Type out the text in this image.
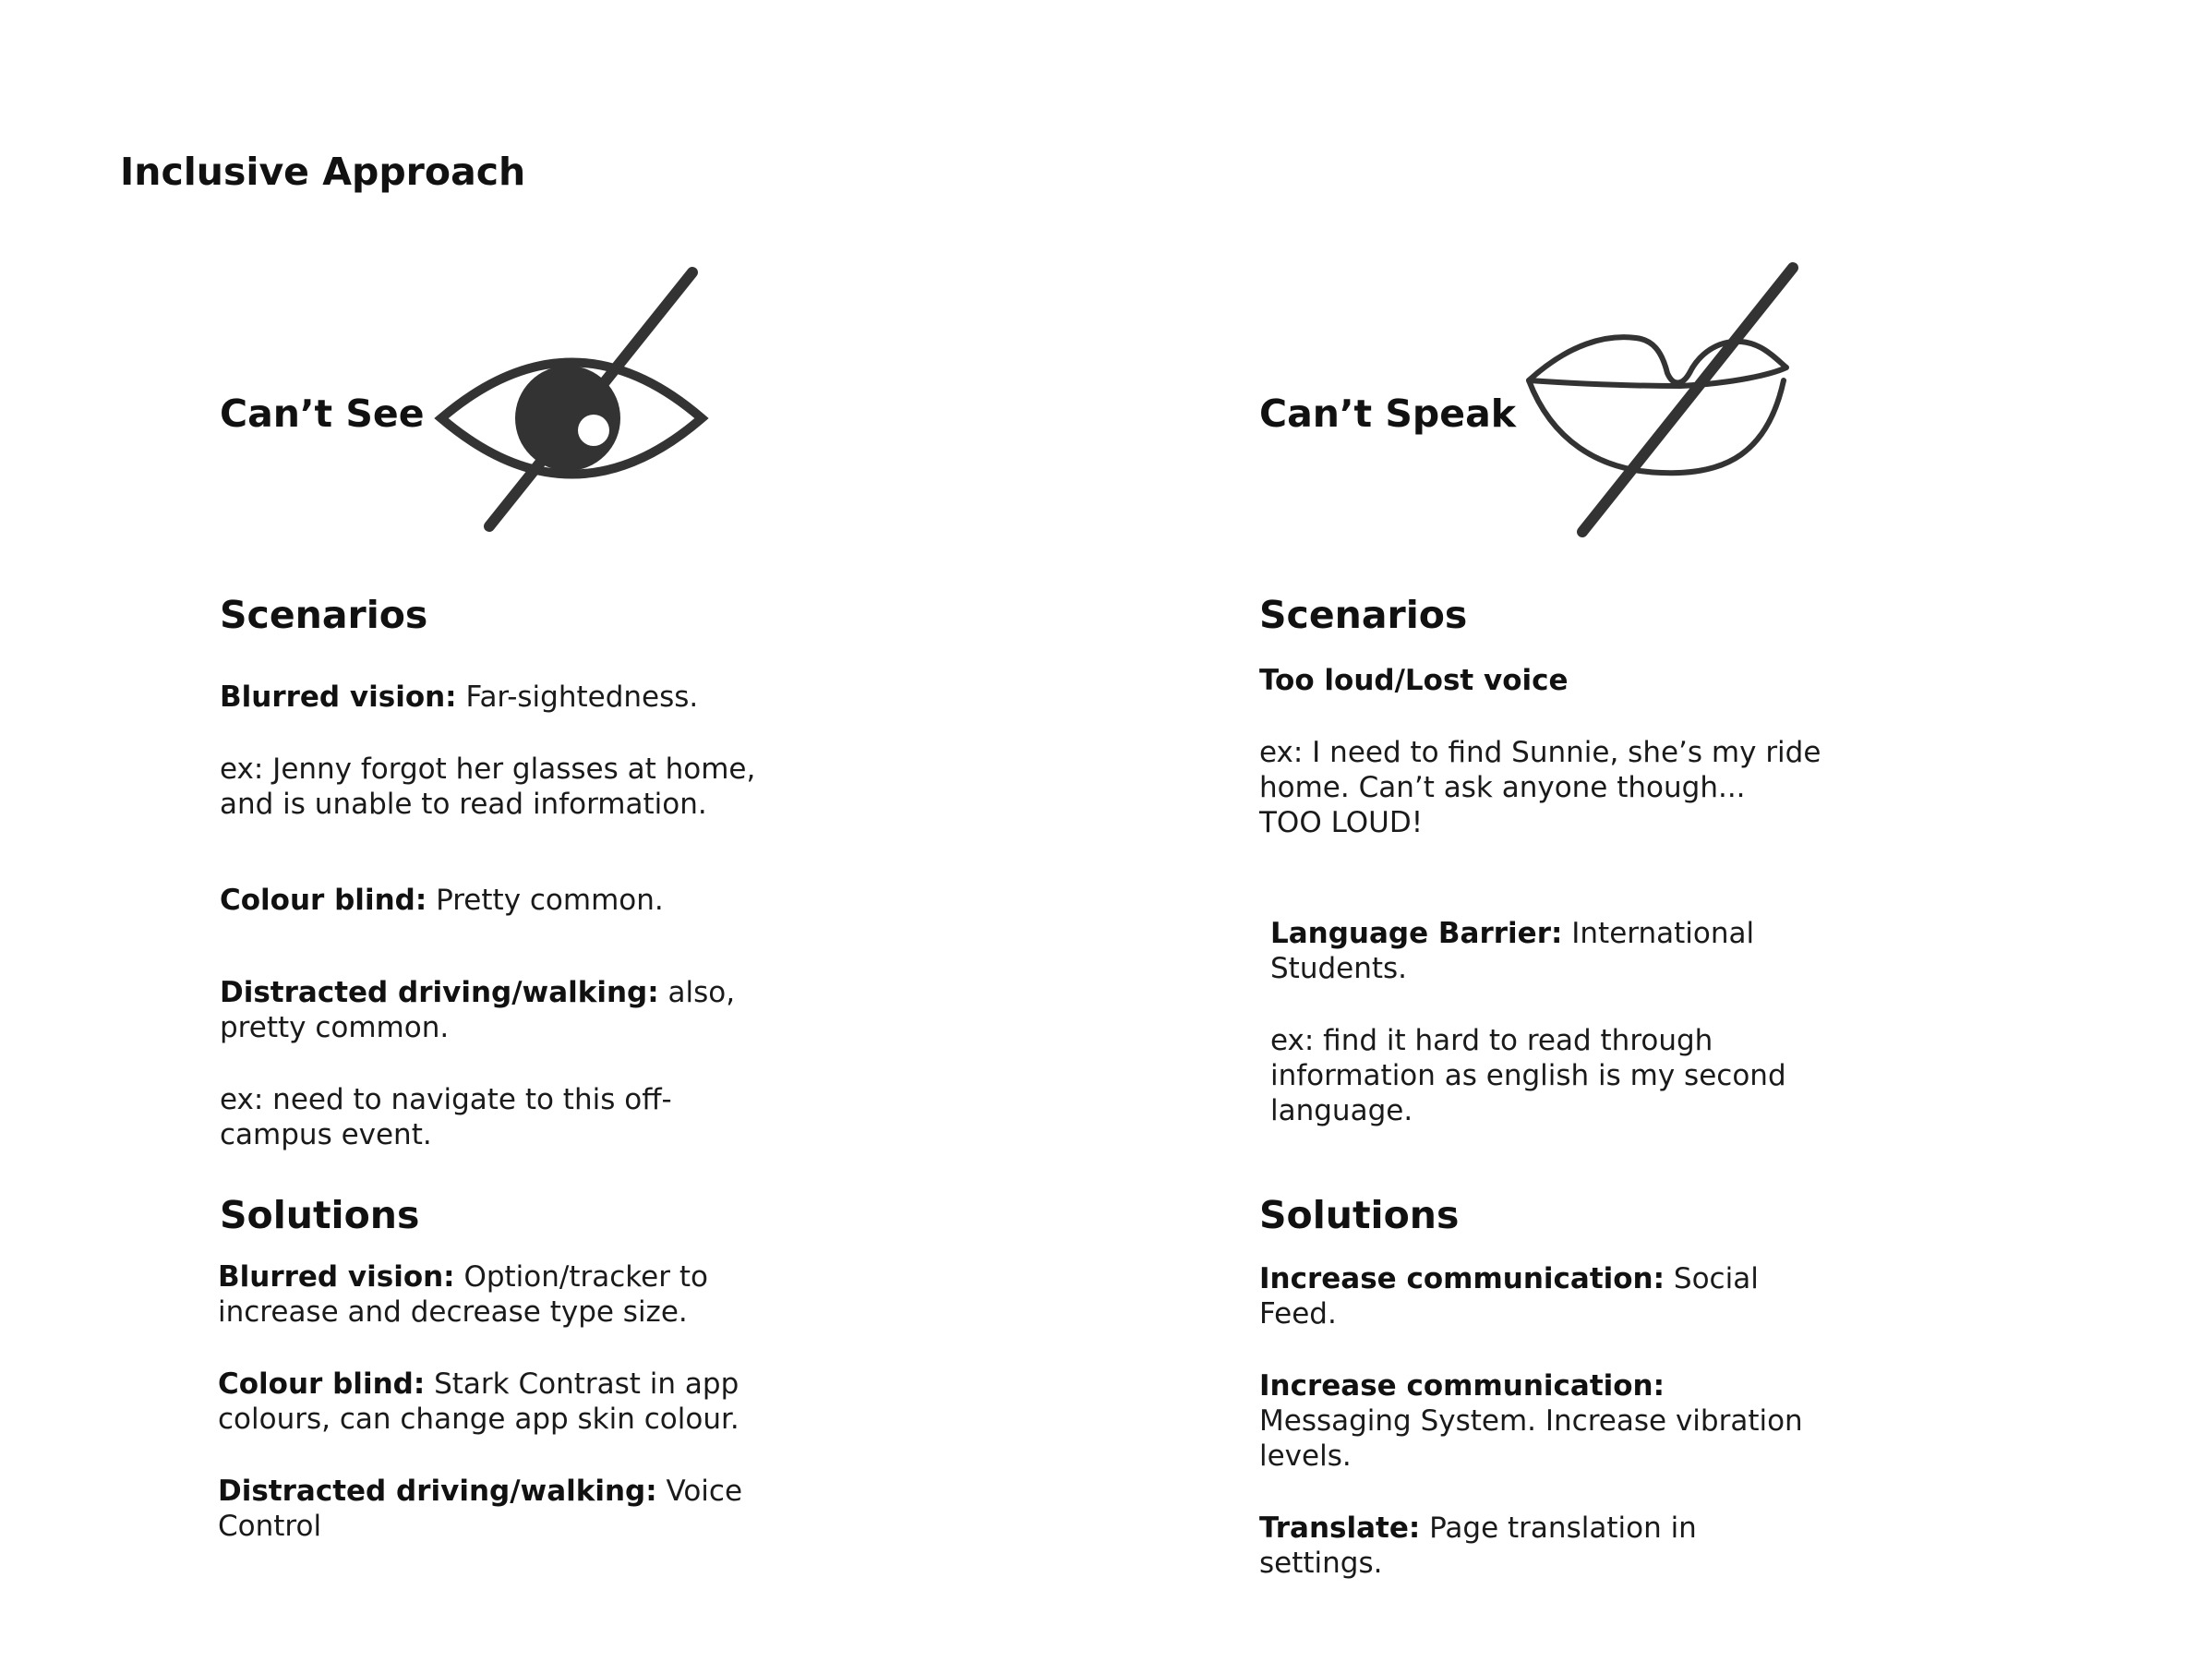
Inclusive Approach
Can’t See
Scenarios
Blurred vision: Far-sightedness.
ex: Jenny forgot her glasses at home,
and is unable to read information.
Colour blind: Pretty common.
Distracted driving/walking: also,
pretty common.
ex: need to navigate to this off-
campus event.
Solutions
Blurred vision: Option/tracker to
increase and decrease type size.
Colour blind: Stark Contrast in app
colours, can change app skin colour.
Distracted driving/walking: Voice
Control
Can’t Speak
Scenarios
Too loud/Lost voice
ex: I need to find Sunnie, she’s my ride
home. Can’t ask anyone though...
TOO LOUD!
Language Barrier: International
Students.
ex: find it hard to read through
information as english is my second
language.
Solutions
Increase communication: Social
Feed.
Increase communication:
Messaging System. Increase vibration
levels.
Translate: Page translation in
settings.
